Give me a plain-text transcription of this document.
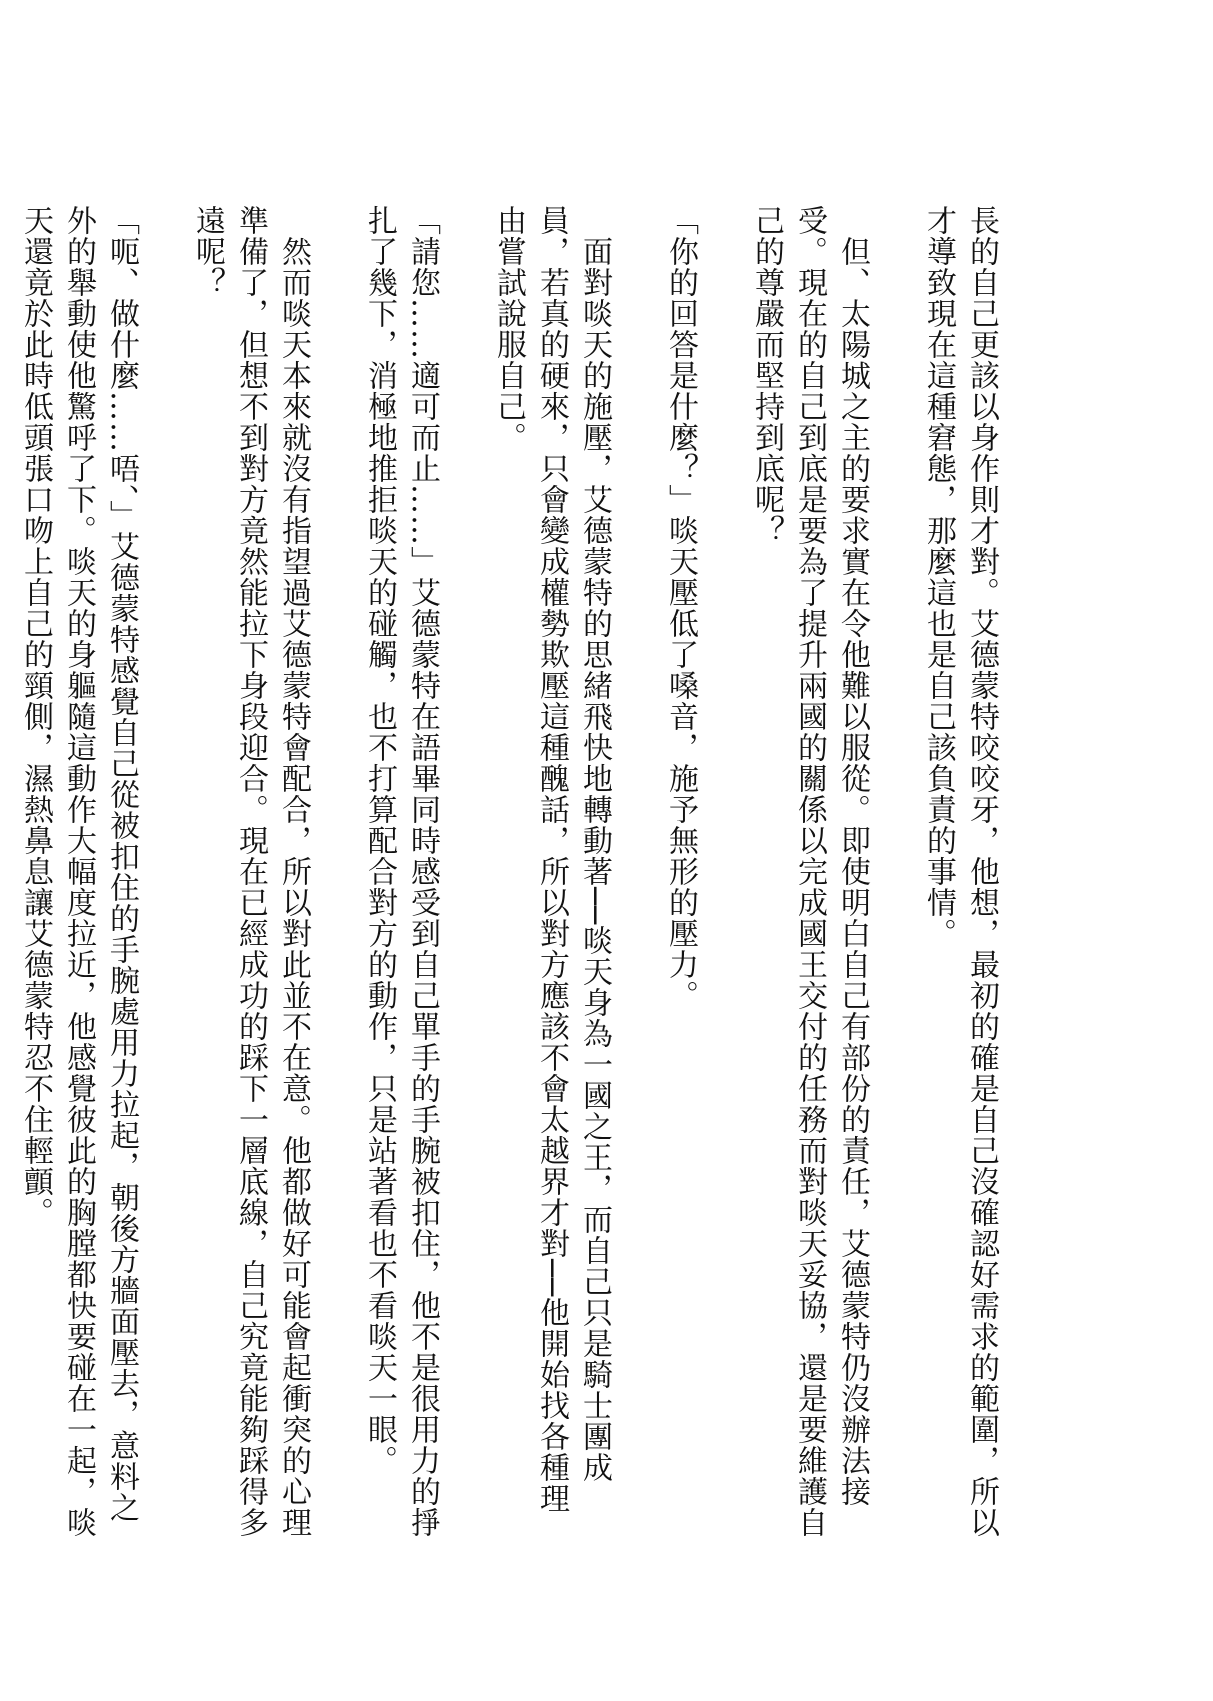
長的自己更該以身作則才對。艾德蒙特咬咬牙，他想，最初的確是自己沒確認好需求的範圍，所以才導致現在這種窘態，那麼這也是自己該負責的事情。

　但、太陽城之主的要求實在令他難以服從。即使明白自己有部份的責任，艾德蒙特仍沒辦法接受。現在的自己到底是要為了提升兩國的關係以完成國王交付的任務而對啖天妥協，還是要維護自己的尊嚴而堅持到底呢？

「你的回答是什麼？」啖天壓低了嗓音，施予無形的壓力。

　面對啖天的施壓，艾德蒙特的思緒飛快地轉動著──啖天身為一國之王，而自己只是騎士團成員，若真的硬來，只會變成權勢欺壓這種醜話，所以對方應該不會太越界才對──他開始找各種理由嘗試說服自己。

「請您……適可而止……」艾德蒙特在語畢同時感受到自己單手的手腕被扣住，他不是很用力的掙扎了幾下，消極地推拒啖天的碰觸，也不打算配合對方的動作，只是站著看也不看啖天一眼。

　然而啖天本來就沒有指望過艾德蒙特會配合，所以對此並不在意。他都做好可能會起衝突的心理準備了，但想不到對方竟然能拉下身段迎合。現在已經成功的踩下一層底線，自己究竟能夠踩得多遠呢？

「呃、做什麼……唔、」艾德蒙特感覺自己從被扣住的手腕處用力拉起，朝後方牆面壓去，意料之外的舉動使他驚呼了下。啖天的身軀隨這動作大幅度拉近，他感覺彼此的胸膛都快要碰在一起，啖天還竟於此時低頭張口吻上自己的頸側，濕熱鼻息讓艾德蒙特忍不住輕顫。
